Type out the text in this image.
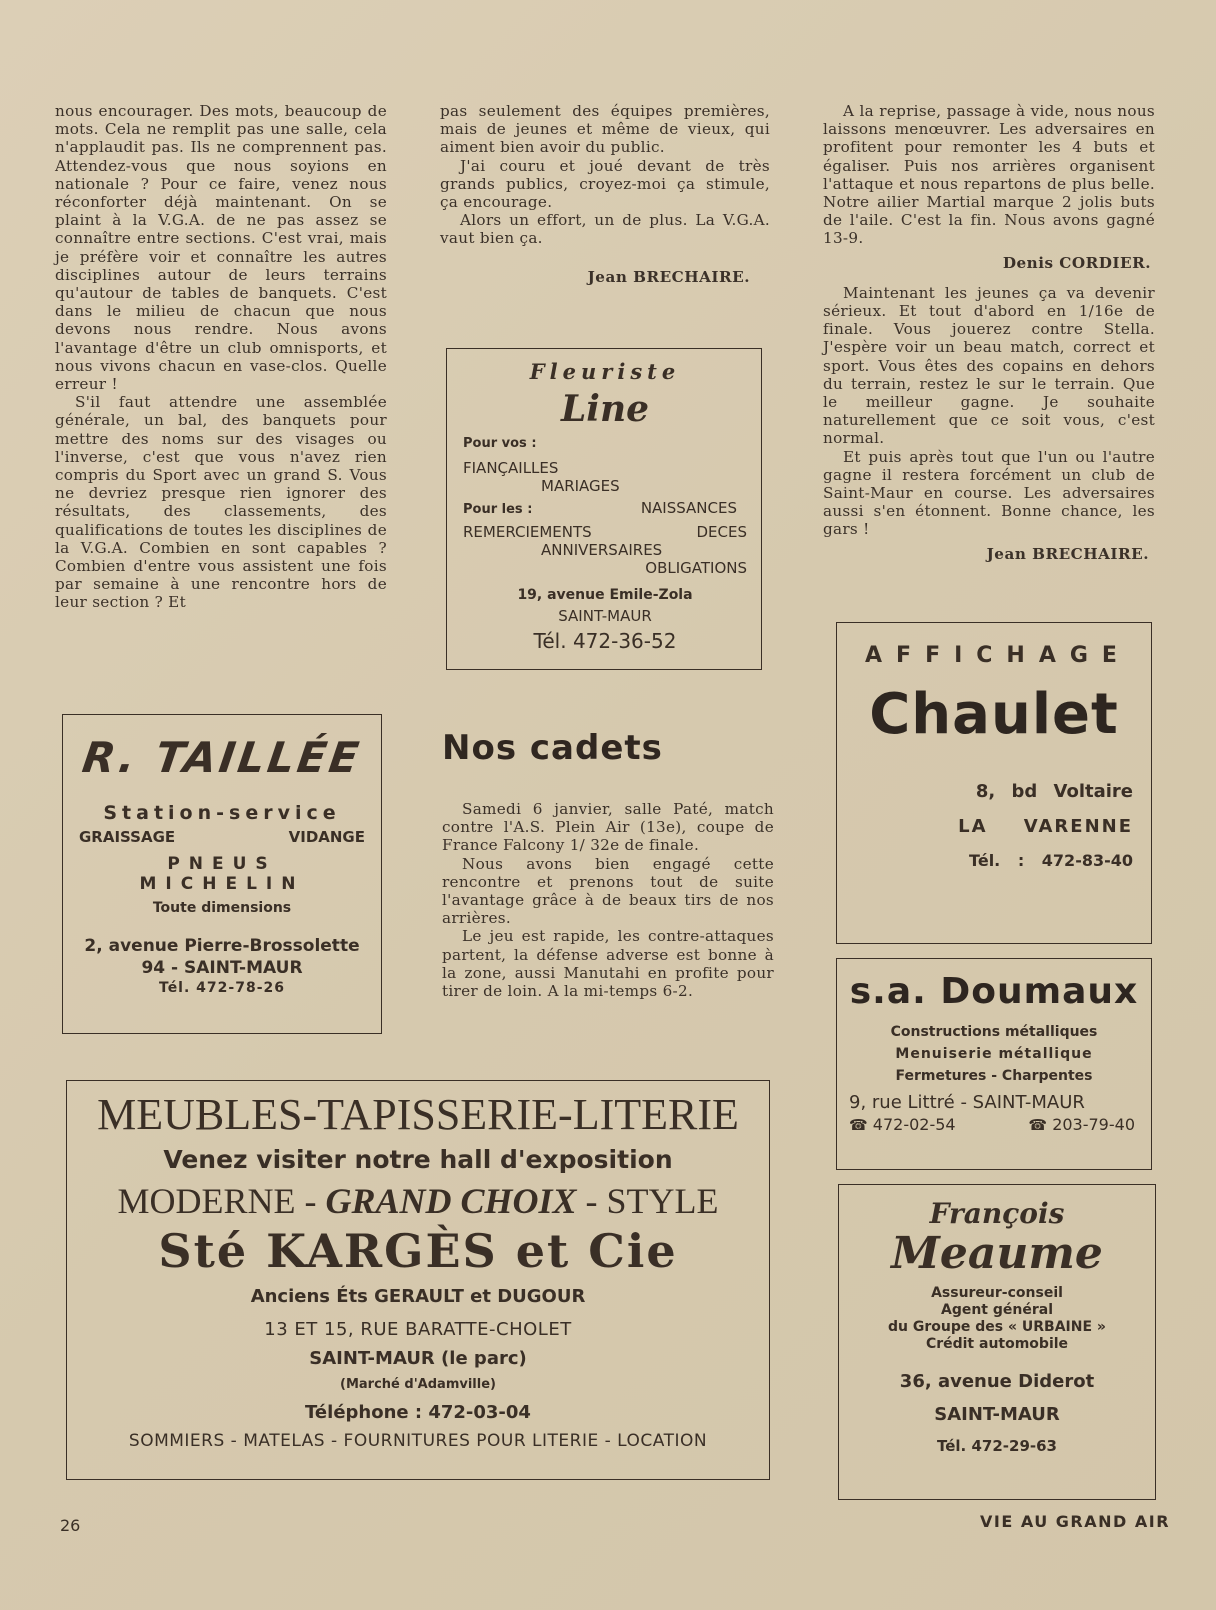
nous encourager. Des mots, beaucoup de mots. Cela ne remplit pas une salle, cela n'applaudit pas. Ils ne comprennent pas. Attendez-vous que nous soyions en nationale ? Pour ce faire, venez nous réconforter déjà maintenant. On se plaint à la V.G.A. de ne pas assez se connaître entre sections. C'est vrai, mais je préfère voir et connaître les autres disciplines autour de leurs terrains qu'autour de tables de banquets. C'est dans le milieu de chacun que nous devons nous rendre. Nous avons l'avantage d'être un club omnisports, et nous vivons chacun en vase-clos. Quelle erreur !

S'il faut attendre une assemblée générale, un bal, des banquets pour mettre des noms sur des visages ou l'inverse, c'est que vous n'avez rien compris du Sport avec un grand S. Vous ne devriez presque rien ignorer des résultats, des classements, des qualifications de toutes les disciplines de la V.G.A. Combien en sont capables ? Combien d'entre vous assistent une fois par semaine à une rencontre hors de leur section ? Et

pas seulement des équipes premières, mais de jeunes et même de vieux, qui aiment bien avoir du public.

J'ai couru et joué devant de très grands publics, croyez-moi ça stimule, ça encourage.

Alors un effort, un de plus. La V.G.A. vaut bien ça.

Jean BRECHAIRE.

A la reprise, passage à vide, nous nous laissons menœuvrer. Les adversaires en profitent pour remonter les 4 buts et égaliser. Puis nos arrières organisent l'attaque et nous repartons de plus belle. Notre ailier Martial marque 2 jolis buts de l'aile. C'est la fin. Nous avons gagné 13-9.

Denis CORDIER.

Maintenant les jeunes ça va devenir sérieux. Et tout d'abord en 1/16e de finale. Vous jouerez contre Stella. J'espère voir un beau match, correct et sport. Vous êtes des copains en dehors du terrain, restez le sur le terrain. Que le meilleur gagne. Je souhaite naturellement que ce soit vous, c'est normal.

Et puis après tout que l'un ou l'autre gagne il restera forcément un club de Saint-Maur en course. Les adversaires aussi s'en étonnent. Bonne chance, les gars !

Jean BRECHAIRE.

Fleuriste
Line
Pour vos :
FIANÇAILLES
MARIAGES
Pour les :	NAISSANCES
REMERCIEMENTS	DECES
ANNIVERSAIRES
OBLIGATIONS
19, avenue Emile-Zola
SAINT-MAUR
Tél. 472-36-52
R. TAILLÉE
Station-service
GRAISSAGE	VIDANGE
PNEUS MICHELIN
Toute dimensions
2, avenue Pierre-Brossolette
94 - SAINT-MAUR
Tél. 472-78-26
Nos cadets

Samedi 6 janvier, salle Paté, match contre l'A.S. Plein Air (13e), coupe de France Falcony 1/ 32e de finale.

Nous avons bien engagé cette rencontre et prenons tout de suite l'avantage grâce à de beaux tirs de nos arrières.

Le jeu est rapide, les contre-attaques partent, la défense adverse est bonne à la zone, aussi Manutahi en profite pour tirer de loin. A la mi-temps 6-2.

AFFICHAGE
Chaulet
8, bd Voltaire
LA VARENNE
Tél. : 472-83-40
s.a. Doumaux
Constructions métalliques
Menuiserie métallique
Fermetures - Charpentes
9, rue Littré - SAINT-MAUR
☎ 472-02-54	☎ 203-79-40
MEUBLES-TAPISSERIE-LITERIE
Venez visiter notre hall d'exposition
MODERNE - GRAND CHOIX - STYLE
Sté KARGÈS et Cie
Anciens Éts GERAULT et DUGOUR
13 ET 15, RUE BARATTE-CHOLET
SAINT-MAUR (le parc)
(Marché d'Adamville)
Téléphone : 472-03-04
SOMMIERS - MATELAS - FOURNITURES POUR LITERIE - LOCATION
François
Meaume
Assureur-conseil
Agent général
du Groupe des « URBAINE »
Crédit automobile
36, avenue Diderot
SAINT-MAUR
Tél. 472-29-63
26	VIE AU GRAND AIR
